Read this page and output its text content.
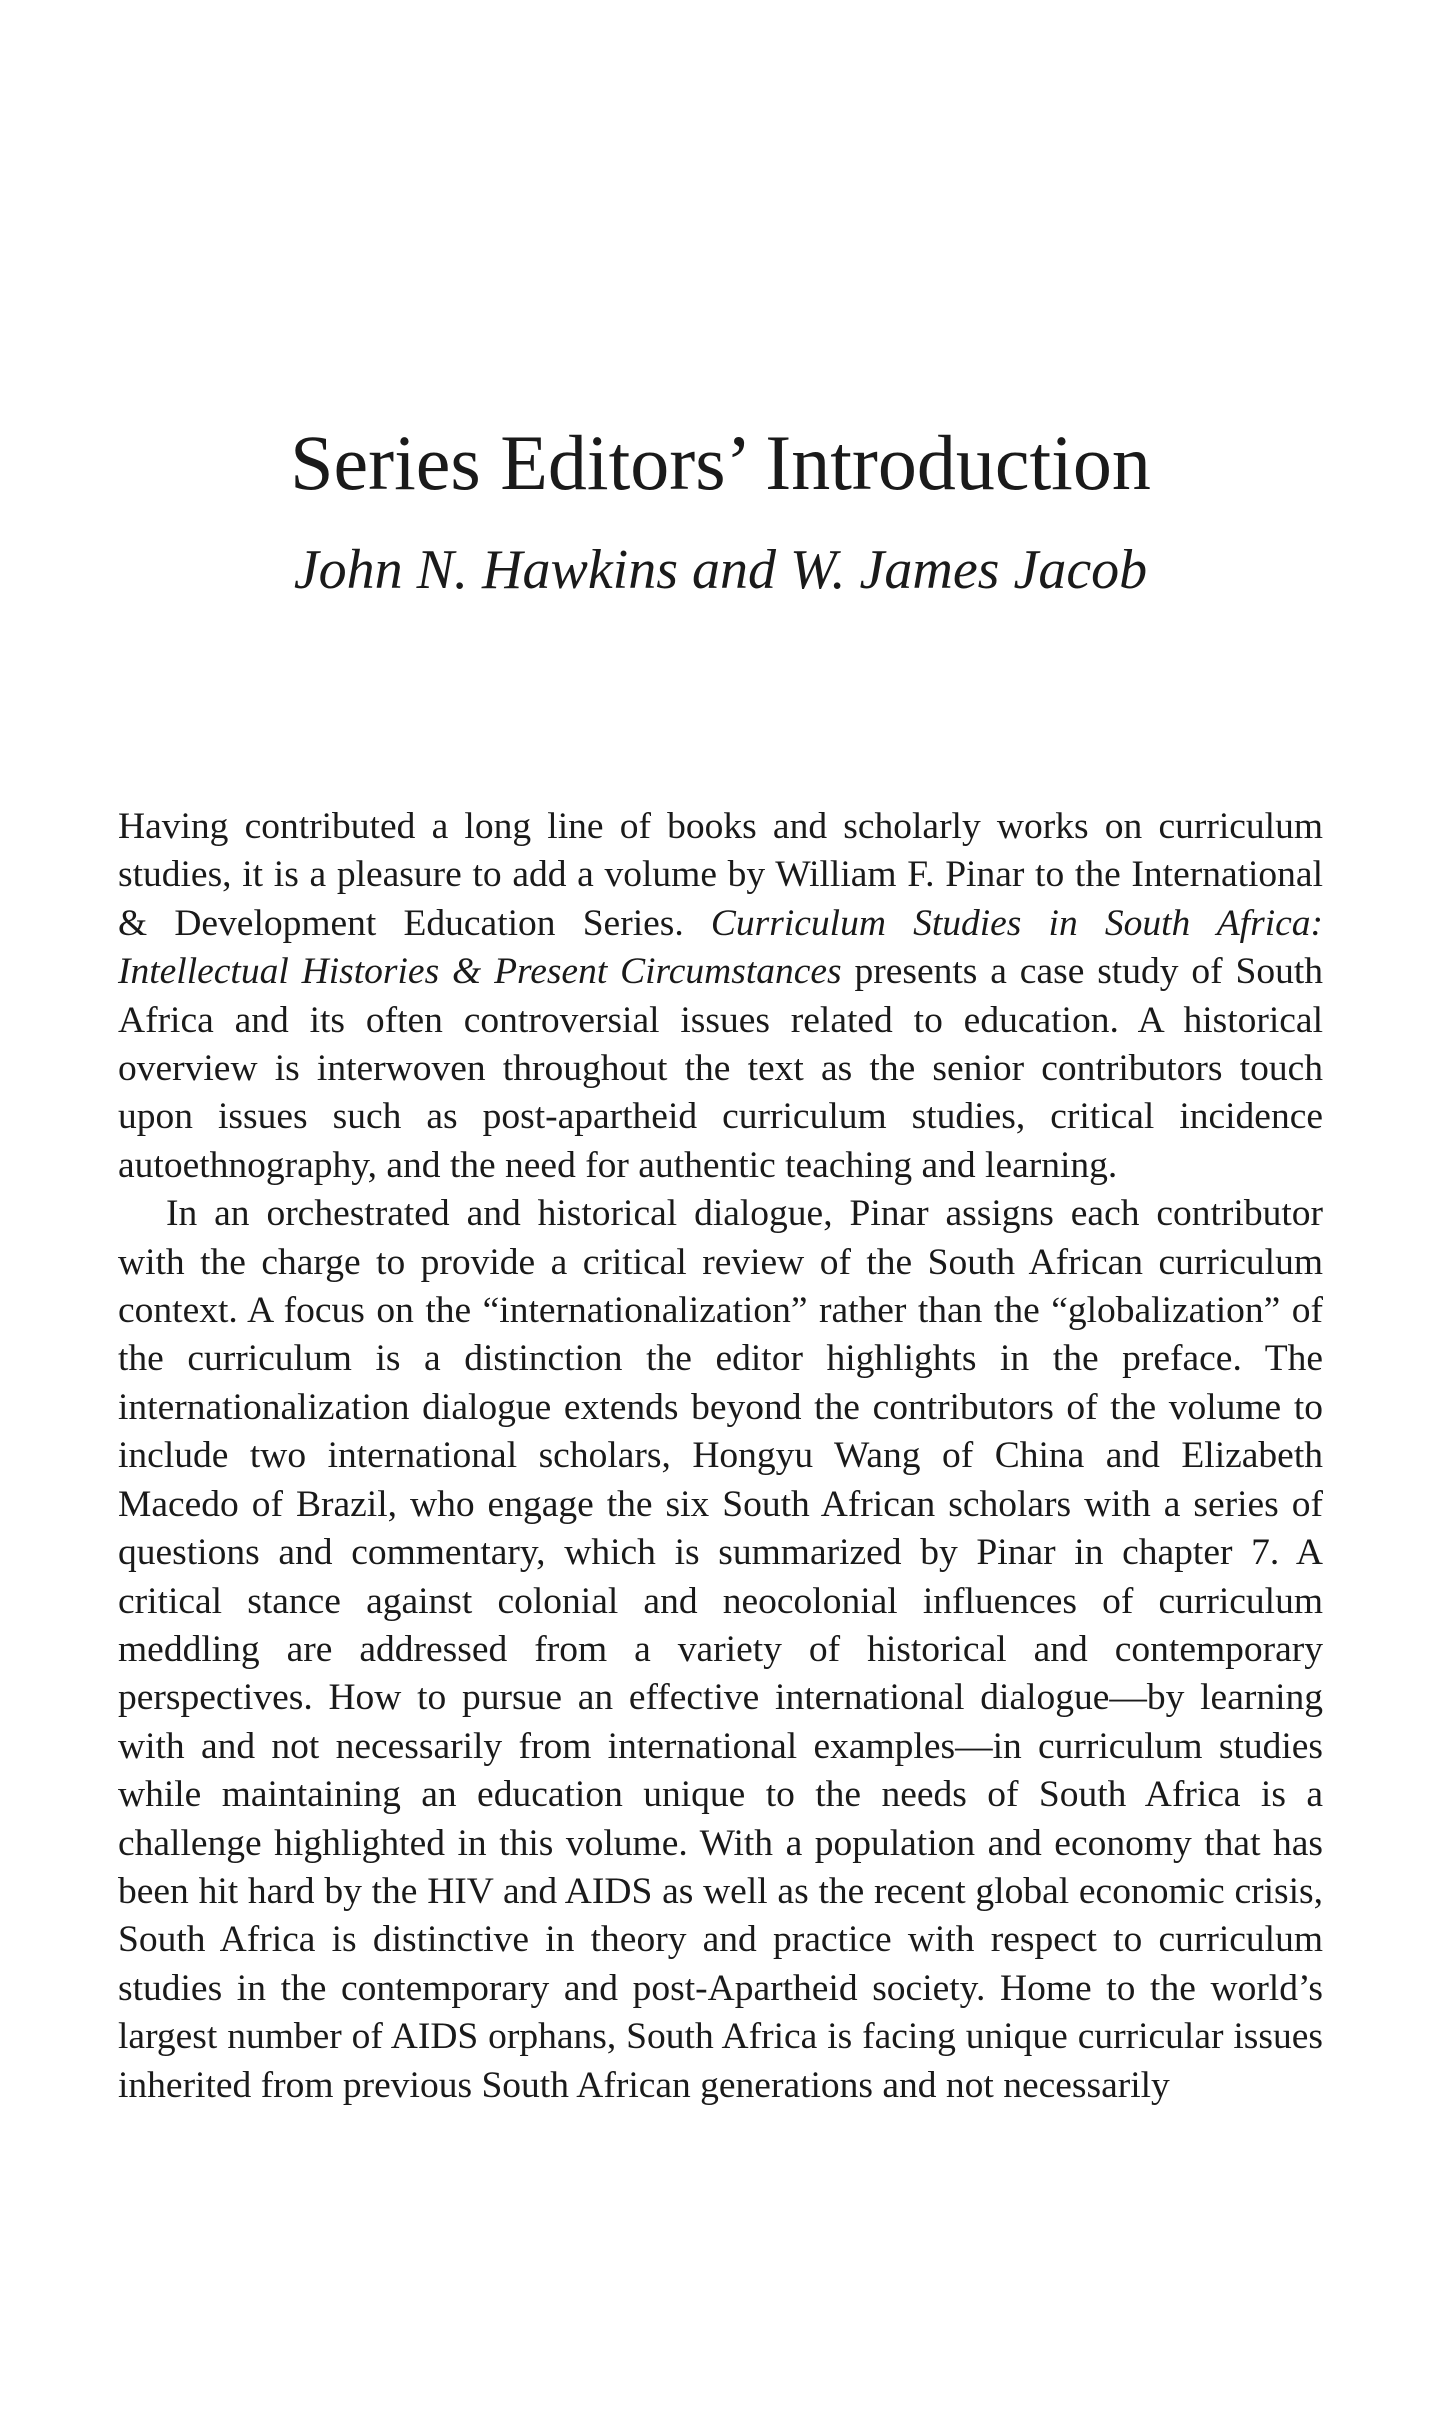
Series Editors’ Introduction
John N. Hawkins and W. James Jacob

Having contributed a long line of books and scholarly works on curriculum studies, it is a pleasure to add a volume by William F. Pinar to the International & Development Education Series. Curriculum Studies in South Africa: Intellectual Histories & Present Circumstances presents a case study of South Africa and its often controversial issues related to education. A historical overview is interwoven throughout the text as the senior contributors touch upon issues such as post-apartheid curriculum studies, critical incidence autoethnography, and the need for authentic teaching and learning.

In an orchestrated and historical dialogue, Pinar assigns each contributor with the charge to provide a critical review of the South African curriculum context. A focus on the “internationalization” rather than the “globalization” of the curriculum is a distinction the editor highlights in the preface. The internationalization dialogue extends beyond the contributors of the volume to include two international scholars, Hongyu Wang of China and Elizabeth Macedo of Brazil, who engage the six South African scholars with a series of questions and commentary, which is summarized by Pinar in chapter 7. A critical stance against colonial and neocolonial influences of curriculum meddling are addressed from a variety of historical and contemporary perspectives. How to pursue an effective international dialogue—by learning with and not necessarily from international examples—in curriculum studies while maintaining an education unique to the needs of South Africa is a challenge highlighted in this volume. With a population and economy that has been hit hard by the HIV and AIDS as well as the recent global economic crisis, South Africa is distinctive in theory and practice with respect to curriculum studies in the contemporary and post-Apartheid society. Home to the world’s largest number of AIDS orphans, South Africa is facing unique curricular issues inherited from previous South African generations and not necessarily
